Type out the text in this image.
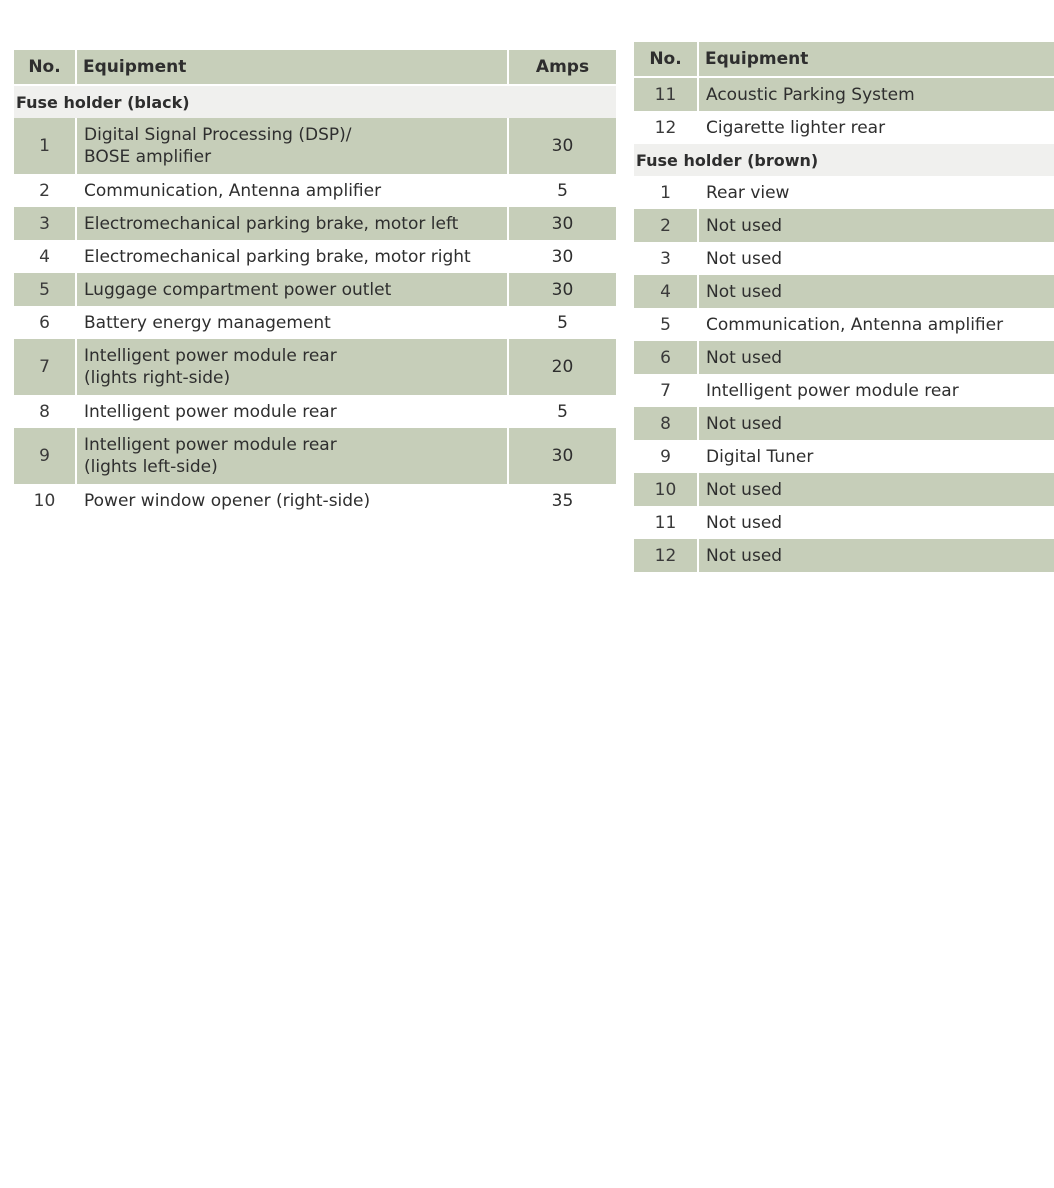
No.	Equipment	Amps
Fuse holder (black)		
1	Digital Signal Processing (DSP)/
BOSE amplifier	30
2	Communication, Antenna amplifier	5
3	Electromechanical parking brake, motor left	30
4	Electromechanical parking brake, motor right	30
5	Luggage compartment power outlet	30
6	Battery energy management	5
7	Intelligent power module rear
(lights right-side)	20
8	Intelligent power module rear	5
9	Intelligent power module rear
(lights left-side)	30
10	Power window opener (right-side)	35
No.	Equipment
11	Acoustic Parking System
12	Cigarette lighter rear
Fuse holder (brown)	
1	Rear view
2	Not used
3	Not used
4	Not used
5	Communication, Antenna amplifier
6	Not used
7	Intelligent power module rear
8	Not used
9	Digital Tuner
10	Not used
11	Not used
12	Not used
